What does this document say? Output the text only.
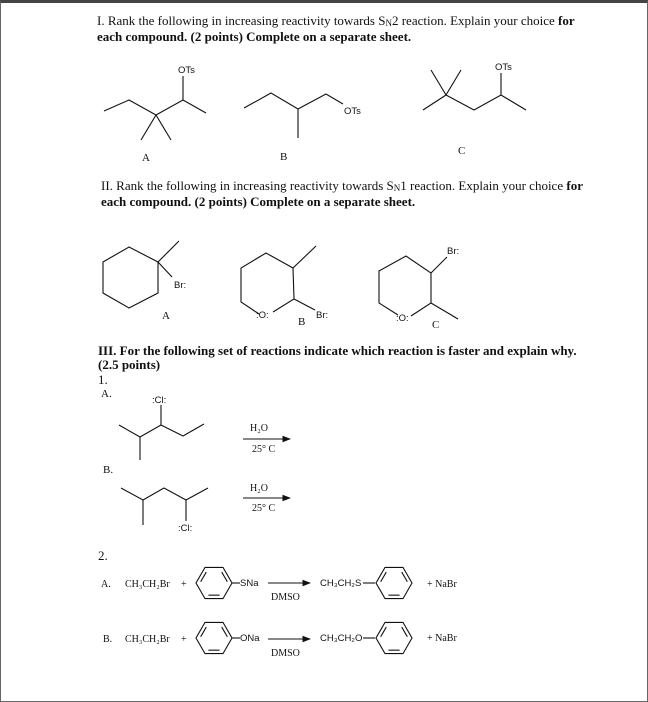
I. Rank the following in increasing reactivity towards SN2 reaction. Explain your choice for
each compound. (2 points) Complete on a separate sheet.
OTs
A
OTs
B
OTs
C
II. Rank the following in increasing reactivity towards SN1 reaction. Explain your choice for
each compound. (2 points) Complete on a separate sheet.
Br:
A	:O:	Br:
B
Br:
:O:
C
III. For the following set of reactions indicate which reaction is faster and explain why.
(2.5 points)
1.
A.
:Cl:
H₂O
25° C
B.
:Cl:
H₂O
25° C
2.
A. CH₃CH₂Br +	SNa
DMSO
CH₃CH₂S	+ NaBr
B. CH₃CH₂Br +	ONa
DMSO
CH₃CH₂O	+ NaBr
